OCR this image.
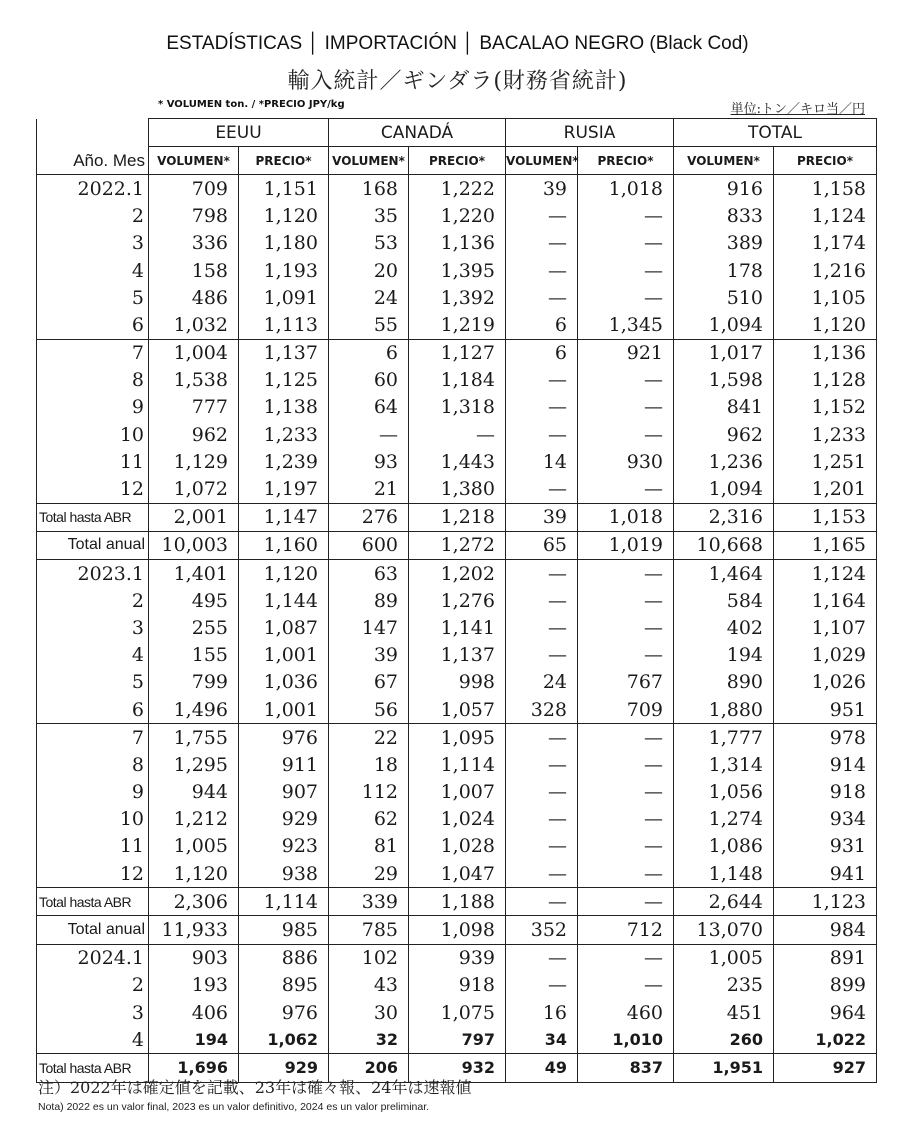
ESTADÍSTICAS │ IMPORTACIÓN │ BACALAO NEGRO (Black Cod)
輸入統計／ギンダラ(財務省統計)
* VOLUMEN ton. / *PRECIO JPY/kg	単位:トン／キロ当／円
	EEUU		CANADÁ		RUSIA		TOTAL	
Año. Mes	VOLUMEN*	PRECIO*	VOLUMEN*	PRECIO*	VOLUMEN*	PRECIO*	VOLUMEN*	PRECIO*
2022.1	709	1,151	168	1,222	39	1,018	916	1,158
2	798	1,120	35	1,220	—	—	833	1,124
3	336	1,180	53	1,136	—	—	389	1,174
4	158	1,193	20	1,395	—	—	178	1,216
5	486	1,091	24	1,392	—	—	510	1,105
6	1,032	1,113	55	1,219	6	1,345	1,094	1,120
7	1,004	1,137	6	1,127	6	921	1,017	1,136
8	1,538	1,125	60	1,184	—	—	1,598	1,128
9	777	1,138	64	1,318	—	—	841	1,152
10	962	1,233	—	—	—	—	962	1,233
11	1,129	1,239	93	1,443	14	930	1,236	1,251
12	1,072	1,197	21	1,380	—	—	1,094	1,201
Total hasta ABR	2,001	1,147	276	1,218	39	1,018	2,316	1,153
Total anual	10,003	1,160	600	1,272	65	1,019	10,668	1,165
2023.1	1,401	1,120	63	1,202	—	—	1,464	1,124
2	495	1,144	89	1,276	—	—	584	1,164
3	255	1,087	147	1,141	—	—	402	1,107
4	155	1,001	39	1,137	—	—	194	1,029
5	799	1,036	67	998	24	767	890	1,026
6	1,496	1,001	56	1,057	328	709	1,880	951
7	1,755	976	22	1,095	—	—	1,777	978
8	1,295	911	18	1,114	—	—	1,314	914
9	944	907	112	1,007	—	—	1,056	918
10	1,212	929	62	1,024	—	—	1,274	934
11	1,005	923	81	1,028	—	—	1,086	931
12	1,120	938	29	1,047	—	—	1,148	941
Total hasta ABR	2,306	1,114	339	1,188	—	—	2,644	1,123
Total anual	11,933	985	785	1,098	352	712	13,070	984
2024.1	903	886	102	939	—	—	1,005	891
2	193	895	43	918	—	—	235	899
3	406	976	30	1,075	16	460	451	964
4	194	1,062	32	797	34	1,010	260	1,022
Total hasta ABR	1,696	929	206	932	49	837	1,951	927
注）2022年は確定値を記載、23年は確々報、24年は速報値
Nota) 2022 es un valor final, 2023 es un valor definitivo, 2024 es un valor preliminar.
